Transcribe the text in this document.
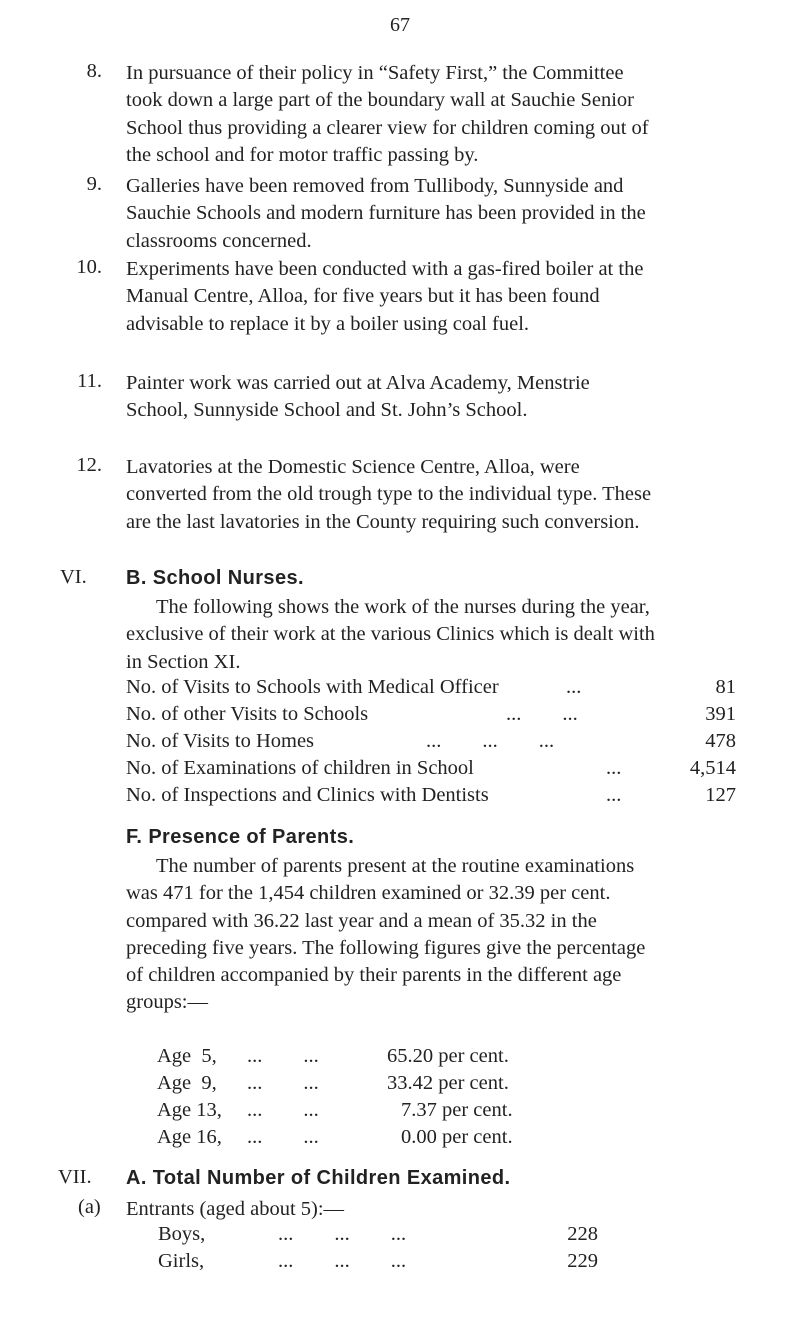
67
8. In pursuance of their policy in “Safety First,” the Committee took down a large part of the boundary wall at Sauchie Senior School thus providing a clearer view for children coming out of the school and for motor traffic passing by.
9. Galleries have been removed from Tullibody, Sunnyside and Sauchie Schools and modern furniture has been provided in the classrooms concerned.
10. Experiments have been conducted with a gas-fired boiler at the Manual Centre, Alloa, for five years but it has been found advisable to replace it by a boiler using coal fuel.
11. Painter work was carried out at Alva Academy, Menstrie School, Sunnyside School and St. John’s School.
12. Lavatories at the Domestic Science Centre, Alloa, were converted from the old trough type to the individual type. These are the last lavatories in the County requiring such conversion.
VI. B. School Nurses.
The following shows the work of the nurses during the year, exclusive of their work at the various Clinics which is dealt with in Section XI.
No. of Visits to Schools with Medical Officer	...	81
No. of other Visits to Schools	...        ...	391
No. of Visits to Homes	...        ...        ...	478
No. of Examinations of children in School	...	4,514
No. of Inspections and Clinics with Dentists	...	127
F. Presence of Parents.
The number of parents present at the routine examinations was 471 for the 1,454 children examined or 32.39 per cent. compared with 36.22 last year and a mean of 35.32 in the preceding five years. The following figures give the percentage of children accompanied by their parents in the different age groups:—
Age  5, ...        ...	65.20 per cent.
Age  9, ...        ...	33.42 per cent.
Age 13, ...        ...	7.37 per cent.
Age 16, ...        ...	0.00 per cent.
VII. A. Total Number of Children Examined.
(a) Entrants (aged about 5):—
Boys,	...        ...        ...	228
Girls,	...        ...        ...	229
